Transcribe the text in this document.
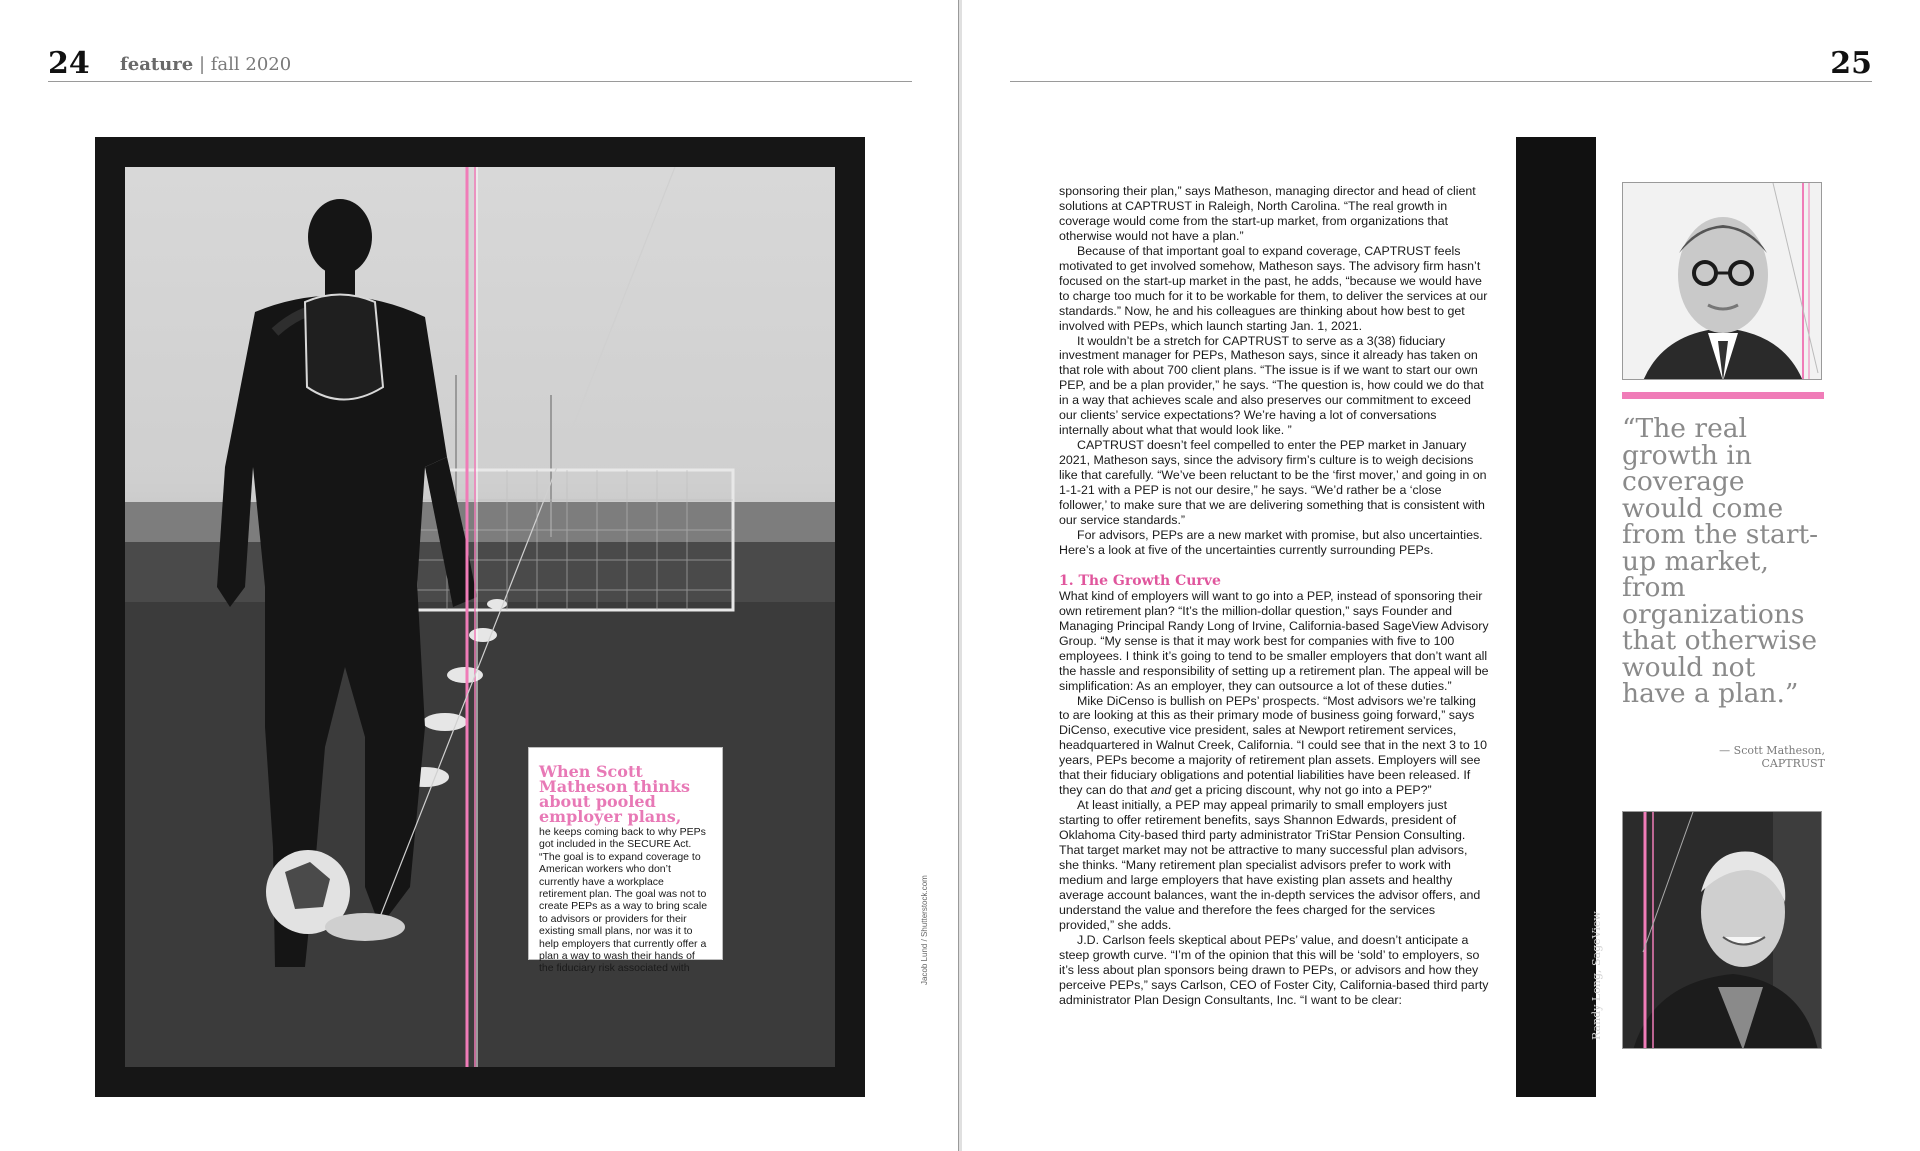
24 feature | fall 2020
When Scott Matheson thinks about pooled employer plans,
he keeps coming back to why PEPs got included in the SECURE Act. “The goal is to expand coverage to American workers who don’t currently have a workplace retirement plan. The goal was not to create PEPs as a way to bring scale to advisors or providers for their existing small plans, nor was it to help employers that currently offer a plan a way to wash their hands of the fiduciary risk associated with	Jacob Lund / Shutterstock.com
25

sponsoring their plan,” says Matheson, managing director and head of client solutions at CAPTRUST in Raleigh, North Carolina. “The real growth in coverage would come from the start-up market, from organizations that otherwise would not have a plan.”

Because of that important goal to expand coverage, CAPTRUST feels motivated to get involved somehow, Matheson says. The advisory firm hasn’t focused on the start-up market in the past, he adds, “because we would have to charge too much for it to be workable for them, to deliver the services at our standards.” Now, he and his colleagues are thinking about how best to get involved with PEPs, which launch starting Jan. 1, 2021.

It wouldn’t be a stretch for CAPTRUST to serve as a 3(38) fiduciary investment manager for PEPs, Matheson says, since it already has taken on that role with about 700 client plans. “The issue is if we want to start our own PEP, and be a plan provider,” he says. “The question is, how could we do that in a way that achieves scale and also preserves our commitment to exceed our clients’ service expectations? We’re having a lot of conversations internally about what that would look like. ”

CAPTRUST doesn’t feel compelled to enter the PEP market in January 2021, Matheson says, since the advisory firm’s culture is to weigh decisions like that carefully. “We’ve been reluctant to be the ‘first mover,’ and going in on 1-1-21 with a PEP is not our desire,” he says. “We’d rather be a ‘close follower,’ to make sure that we are delivering something that is consistent with our service standards.”

For advisors, PEPs are a new market with promise, but also uncertainties. Here’s a look at five of the uncertainties currently surrounding PEPs.

1. The Growth Curve

What kind of employers will want to go into a PEP, instead of sponsoring their own retirement plan? “It’s the million-dollar question,” says Founder and Managing Principal Randy Long of Irvine, California-based SageView Advisory Group. “My sense is that it may work best for companies with five to 100 employees. I think it’s going to tend to be smaller employers that don’t want all the hassle and responsibility of setting up a retirement plan. The appeal will be simplification: As an employer, they can outsource a lot of these duties.”

Mike DiCenso is bullish on PEPs’ prospects. “Most advisors we’re talking to are looking at this as their primary mode of business going forward,” says DiCenso, executive vice president, sales at Newport retirement services, headquartered in Walnut Creek, California. “I could see that in the next 3 to 10 years, PEPs become a majority of retirement plan assets. Employers will see that their fiduciary obligations and potential liabilities have been released. If they can do that and get a pricing discount, why not go into a PEP?”

At least initially, a PEP may appeal primarily to small employers just starting to offer retirement benefits, says Shannon Edwards, president of Oklahoma City-based third party administrator TriStar Pension Consulting. That target market may not be attractive to many successful plan advisors, she thinks. “Many retirement plan specialist advisors prefer to work with medium and large employers that have existing plan assets and healthy average account balances, want the in-depth services the advisor offers, and understand the value and therefore the fees charged for the services provided,” she adds.

J.D. Carlson feels skeptical about PEPs’ value, and doesn’t anticipate a steep growth curve. “I’m of the opinion that this will be ‘sold’ to employers, so it’s less about plan sponsors being drawn to PEPs, or advisors and how they perceive PEPs,” says Carlson, CEO of Foster City, California-based third party administrator Plan Design Consultants, Inc. “I want to be clear:	Randy Long, SageView
“The real growth in coverage would come from the start-up market, from organizations that otherwise would not have a plan.”
— Scott Matheson,
CAPTRUST
